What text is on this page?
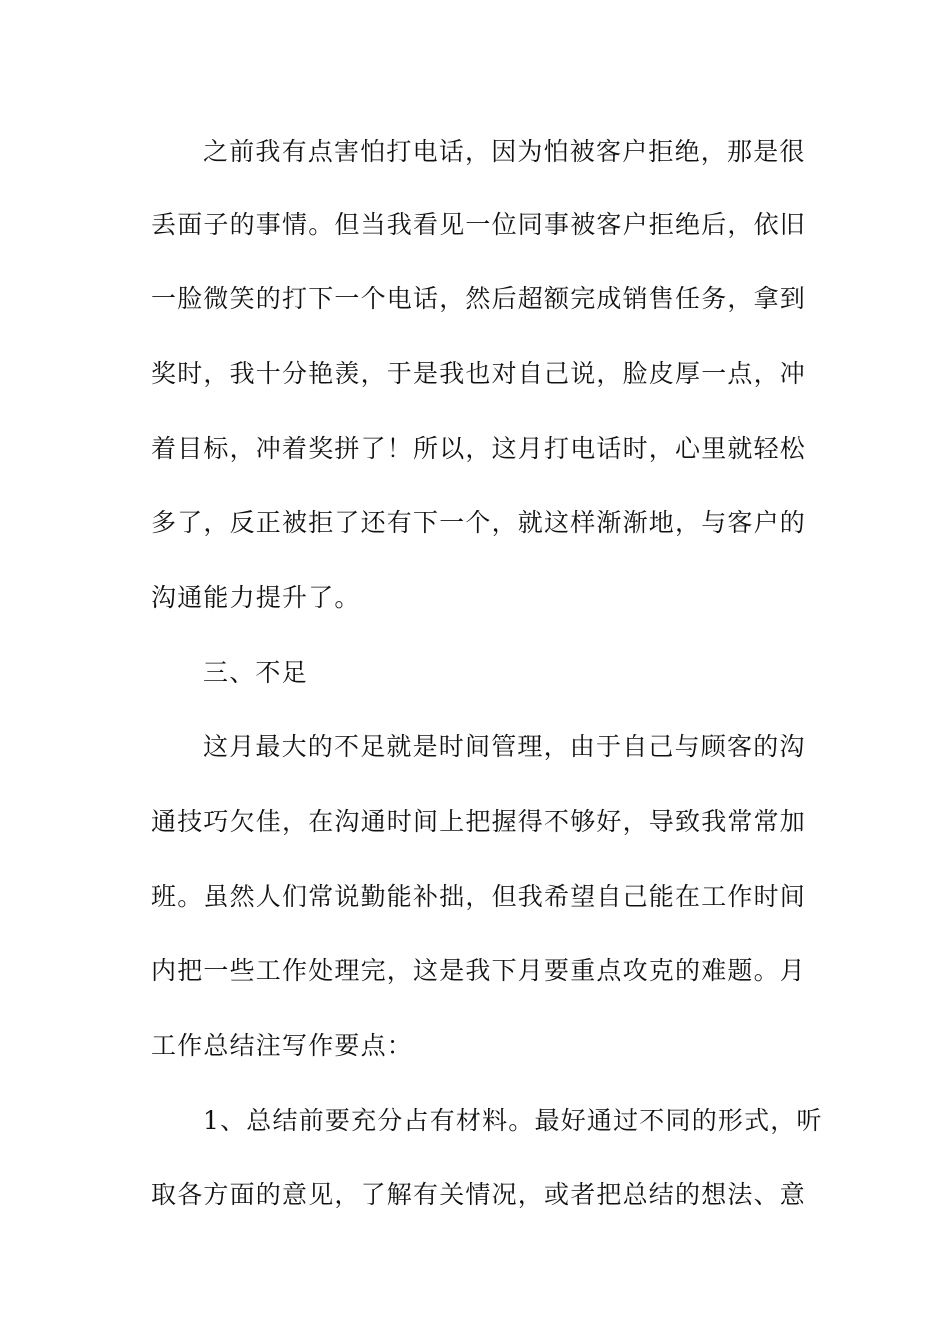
之前我有点害怕打电话，因为怕被客户拒绝，那是很
丢面子的事情。但当我看见一位同事被客户拒绝后，依旧
一脸微笑的打下一个电话，然后超额完成销售任务，拿到
奖时，我十分艳羡，于是我也对自己说，脸皮厚一点，冲
着目标，冲着奖拼了！所以，这月打电话时，心里就轻松
多了，反正被拒了还有下一个，就这样渐渐地，与客户的
沟通能力提升了。
三、不足
这月最大的不足就是时间管理，由于自己与顾客的沟
通技巧欠佳，在沟通时间上把握得不够好，导致我常常加
班。虽然人们常说勤能补拙，但我希望自己能在工作时间
内把一些工作处理完，这是我下月要重点攻克的难题。月
工作总结注写作要点：
1、总结前要充分占有材料。最好通过不同的形式，听
取各方面的意见，了解有关情况，或者把总结的想法、意
